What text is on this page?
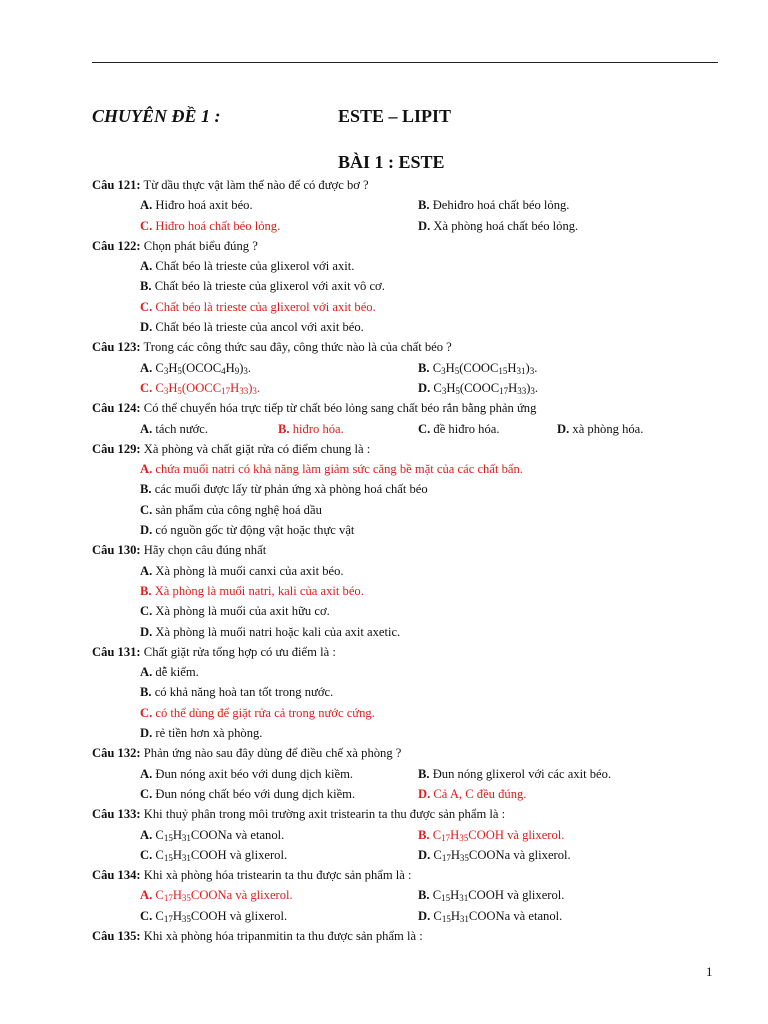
CHUYÊN ĐỀ 1 :	ESTE – LIPIT
BÀI 1 : ESTE
Câu 121: Từ dầu thực vật làm thế nào để có được bơ ?
A. Hiđro hoá axit béo.	B. Đehiđro hoá chất béo lỏng.
C. Hiđro hoá chất béo lỏng.	D. Xà phòng hoá chất béo lỏng.
Câu 122: Chọn phát biểu đúng ?
A. Chất béo là trieste của glixerol với axit.
B. Chất béo là trieste của glixerol với axit vô cơ.
C. Chất béo là trieste của glixerol với axit béo.
D. Chất béo là trieste của ancol với axit béo.
Câu 123: Trong các công thức sau đây, công thức nào là của chất béo ?
A. $C_3H_5(OCOC_4H_9)_3$.	B. $C_3H_5(COOC_{15}H_{31})_3$.
C. $C_3H_5(OOCC_{17}H_{33})_3$.	D. $C_3H_5(COOC_{17}H_{33})_3$.
Câu 124: Có thể chuyển hóa trực tiếp từ chất béo lỏng sang chất béo rắn bằng phản ứng
A. tách nước.	B. hiđro hóa.	C. đề hiđro hóa.	D. xà phòng hóa.
Câu 129: Xà phòng và chất giặt rửa có điểm chung là :
A. chứa muối natri có khả năng làm giảm sức căng bề mặt của các chất bẩn.
B. các muối được lấy từ phản ứng xà phòng hoá chất béo
C. sản phẩm của công nghệ hoá dầu
D. có nguồn gốc từ động vật hoặc thực vật
Câu 130: Hãy chọn câu đúng nhất
A. Xà phòng là muối canxi của axit béo.
B. Xà phòng là muối natri, kali của axit béo.
C. Xà phòng là muối của axit hữu cơ.
D. Xà phòng là muối natri hoặc kali của axit axetic.
Câu 131: Chất giặt rửa tổng hợp có ưu điểm là :
A. dễ kiếm.
B. có khả năng hoà tan tốt trong nước.
C. có thể dùng để giặt rửa cả trong nước cứng.
D. rẻ tiền hơn xà phòng.
Câu 132: Phản ứng nào sau đây dùng để điều chế xà phòng ?
A. Đun nóng axit béo với dung dịch kiềm.	B. Đun nóng glixerol với các axit béo.
C. Đun nóng chất béo với dung dịch kiềm.	D. Cả A, C đều đúng.
Câu 133: Khi thuỷ phân trong môi trường axit tristearin ta thu được sản phẩm là :
A. $C_{15}H_{31}COONa$ và etanol.	B. $C_{17}H_{35}COOH$ và glixerol.
C. $C_{15}H_{31}COOH$ và glixerol.	D. $C_{17}H_{35}COONa$ và glixerol.
Câu 134: Khi xà phòng hóa tristearin ta thu được sản phẩm là :
A. $C_{17}H_{35}COONa$ và glixerol.	B. $C_{15}H_{31}COOH$ và glixerol.
C. $C_{17}H_{35}COOH$ và glixerol.	D. $C_{15}H_{31}COONa$ và etanol.
Câu 135: Khi xà phòng hóa tripanmitin ta thu được sản phẩm là :
1
